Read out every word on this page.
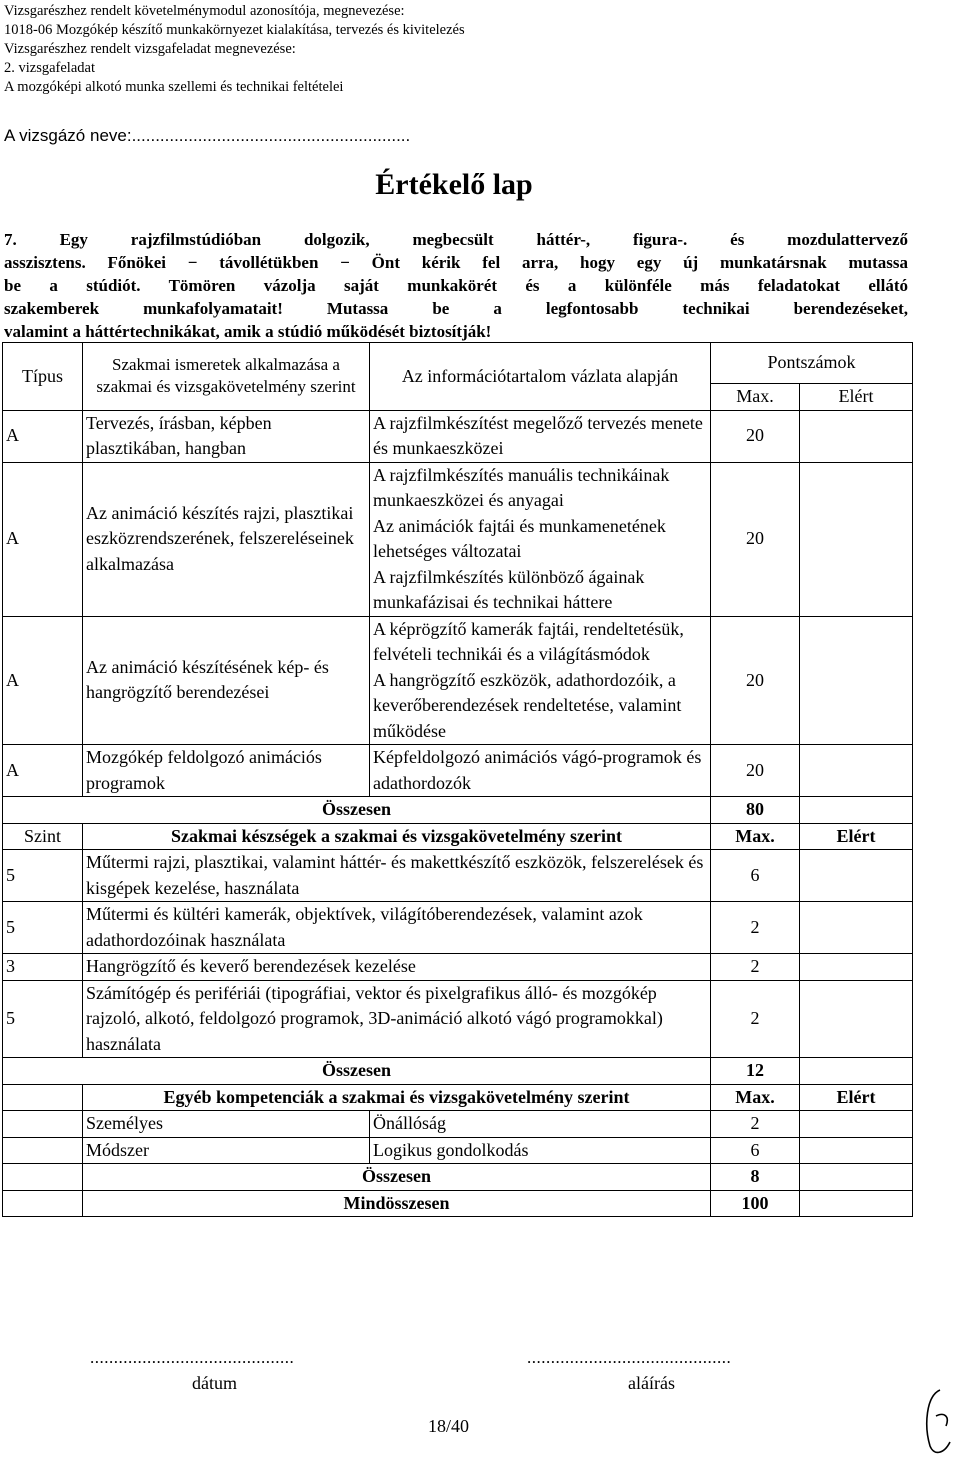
Vizsgarészhez rendelt követelménymodul azonosítója, megnevezése:
1018-06 Mozgókép készítő munkakörnyezet kialakítása, tervezés és kivitelezés
Vizsgarészhez rendelt vizsgafeladat megnevezése:
2. vizsgafeladat
A mozgóképi alkotó munka szellemi és technikai feltételei
A vizsgázó neve:...........................................................
Értékelő lap
7. Egy rajzfilmstúdióban dolgozik, megbecsült háttér-, figura-. és mozdulattervező
asszisztens. Főnökei − távollétükben − Önt kérik fel arra, hogy egy új munkatársnak mutassa
be a stúdiót. Tömören vázolja saját munkakörét és a különféle más feladatokat ellátó
szakemberek munkafolyamatait! Mutassa be a legfontosabb technikai berendezéseket,
valamint a háttértechnikákat, amik a stúdió működését biztosítják!
Típus	Szakmai ismeretek alkalmazása a szakmai és vizsgakövetelmény szerint	Az információtartalom vázlata alapján	Pontszámok	
			Max.	Elért
A	Tervezés, írásban, képben plasztikában, hangban	A rajzfilmkészítést megelőző tervezés menete és munkaeszközei	20	
A	Az animáció készítés rajzi, plasztikai eszközrendszerének, felszereléseinek alkalmazása	A rajzfilmkészítés manuális technikáinak munkaeszközei és anyagai
Az animációk fajtái és munkamenetének lehetséges változatai
A rajzfilmkészítés különböző ágainak munkafázisai és technikai háttere	20	
A	Az animáció készítésének kép- és hangrögzítő berendezései	A képrögzítő kamerák fajtái, rendeltetésük, felvételi technikái és a világításmódok
A hangrögzítő eszközök, adathordozóik, a keverőberendezések rendeltetése, valamint működése	20	
A	Mozgókép feldolgozó animációs programok	Képfeldolgozó animációs vágó-programok és adathordozók	20	
Összesen			80	
Szint	Szakmai készségek a szakmai és vizsgakövetelmény szerint		Max.	Elért
5	Műtermi rajzi, plasztikai, valamint háttér- és makettkészítő eszközök, felszerelések és kisgépek kezelése, használata		6	
5	Műtermi és kültéri kamerák, objektívek, világítóberendezések, valamint azok adathordozóinak használata		2	
3	Hangrögzítő és keverő berendezések kezelése		2	
5	Számítógép és perifériái (tipográfiai, vektor és pixelgrafikus álló- és mozgókép rajzoló, alkotó, feldolgozó programok, 3D-animáció alkotó vágó programokkal) használata		2	
Összesen			12	
	Egyéb kompetenciák a szakmai és vizsgakövetelmény szerint		Max.	Elért
	Személyes	Önállóság	2	
	Módszer	Logikus gondolkodás	6	
	Összesen		8	
	Mindösszesen		100	
...........................................	...........................................
dátum	aláírás
18/40
